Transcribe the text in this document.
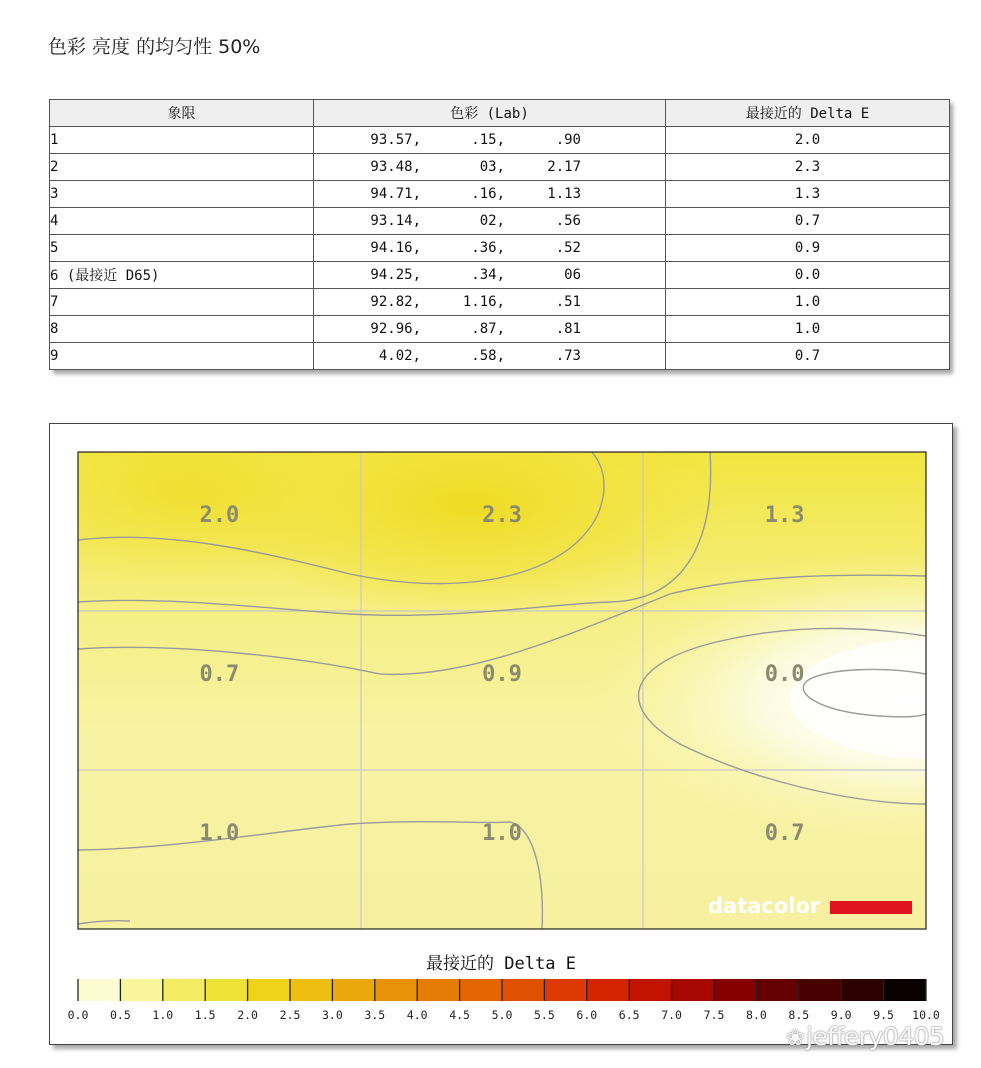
色彩 亮度 的均匀性 50%
象限	色彩 (Lab)	最接近的 Delta E
1	93.57, .15, .90	2.0
2	93.48, 03, 2.17	2.3
3	94.71, .16, 1.13	1.3
4	93.14, 02, .56	0.7
5	94.16, .36, .52	0.9
6 (最接近 D65)	94.25, .34, 06	0.0
7	92.82, 1.16, .51	1.0
8	92.96, .87, .81	1.0
9	4.02, .58, .73	0.7
2.0	2.3	1.3
0.7	0.9	0.0
1.0	1.0	0.7
datacolor
最接近的 Delta E
0.0 0.5 1.0 1.5 2.0 2.5 3.0 3.5 4.0 4.5 5.0 5.5 6.0 6.5 7.0 7.5 8.0 8.5 9.0 9.5 10.0
❀jeffery0405
